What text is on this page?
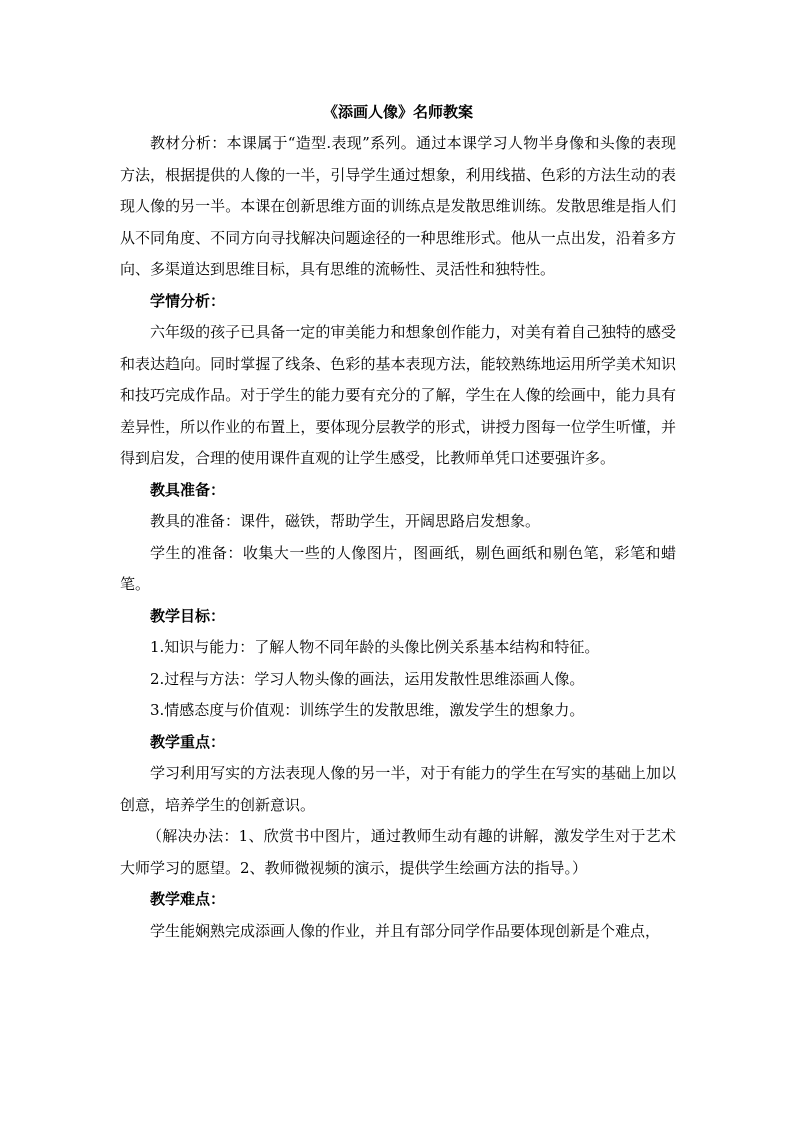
《添画人像》名师教案

教材分析：本课属于“造型.表现”系列。通过本课学习人物半身像和头像的表现方法，根据提供的人像的一半，引导学生通过想象，利用线描、色彩的方法生动的表现人像的另一半。本课在创新思维方面的训练点是发散思维训练。发散思维是指人们从不同角度、不同方向寻找解决问题途径的一种思维形式。他从一点出发，沿着多方向、多渠道达到思维目标，具有思维的流畅性、灵活性和独特性。

学情分析：

六年级的孩子已具备一定的审美能力和想象创作能力，对美有着自己独特的感受和表达趋向。同时掌握了线条、色彩的基本表现方法，能较熟练地运用所学美术知识和技巧完成作品。对于学生的能力要有充分的了解，学生在人像的绘画中，能力具有差异性，所以作业的布置上，要体现分层教学的形式，讲授力图每一位学生听懂，并得到启发，合理的使用课件直观的让学生感受，比教师单凭口述要强许多。

教具准备：

教具的准备：课件，磁铁，帮助学生，开阔思路启发想象。

学生的准备：收集大一些的人像图片，图画纸，剔色画纸和剔色笔，彩笔和蜡笔。

教学目标：

1.知识与能力：了解人物不同年龄的头像比例关系基本结构和特征。

2.过程与方法：学习人物头像的画法，运用发散性思维添画人像。

3.情感态度与价值观：训练学生的发散思维，激发学生的想象力。

教学重点：

学习利用写实的方法表现人像的另一半，对于有能力的学生在写实的基础上加以创意，培养学生的创新意识。

（解决办法：1、欣赏书中图片，通过教师生动有趣的讲解，激发学生对于艺术大师学习的愿望。2、教师微视频的演示，提供学生绘画方法的指导。）

教学难点：

学生能娴熟完成添画人像的作业，并且有部分同学作品要体现创新是个难点，
